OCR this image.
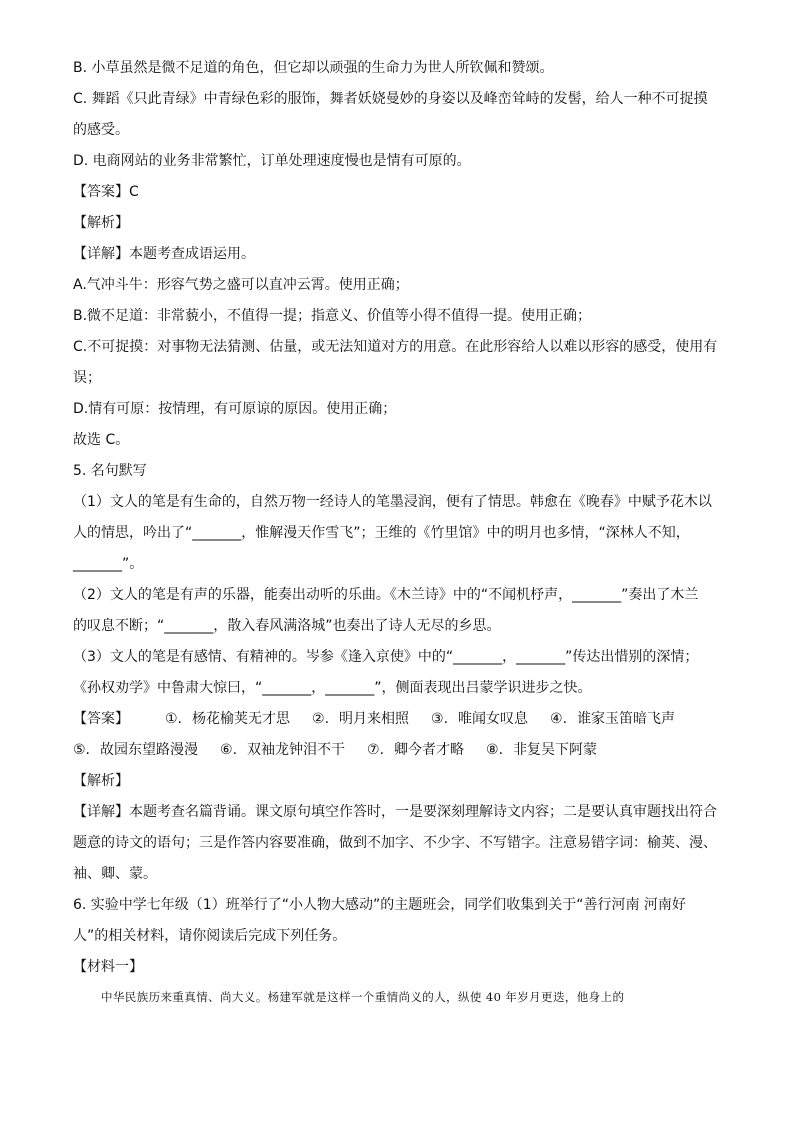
B. 小草虽然是微不足道的角色，但它却以顽强的生命力为世人所钦佩和赞颂。

C. 舞蹈《只此青绿》中青绿色彩的服饰，舞者妖娆曼妙的身姿以及峰峦耸峙的发髻，给人一种不可捉摸
的感受。

D. 电商网站的业务非常繁忙，订单处理速度慢也是情有可原的。

【答案】C

【解析】

【详解】本题考查成语运用。

A.气冲斗牛：形容气势之盛可以直冲云霄。使用正确；

B.微不足道：非常藐小，不值得一提；指意义、价值等小得不值得一提。使用正确；

C.不可捉摸：对事物无法猜测、估量，或无法知道对方的用意。在此形容给人以难以形容的感受，使用有
误；

D.情有可原：按情理，有可原谅的原因。使用正确；

故选 C。

5. 名句默写

（1）文人的笔是有生命的，自然万物一经诗人的笔墨浸润，便有了情思。韩愈在《晚春》中赋予花木以
人的情思，吟出了“_______，惟解漫天作雪飞”；王维的《竹里馆》中的明月也多情，“深林人不知，
_______”。

（2）文人的笔是有声的乐器，能奏出动听的乐曲。《木兰诗》中的“不闻机杼声，_______”奏出了木兰
的叹息不断；“_______，散入春风满洛城”也奏出了诗人无尽的乡思。

（3）文人的笔是有感情、有精神的。岑参《逢入京使》中的“_______，_______”传达出惜别的深情；
《孙权劝学》中鲁肃大惊曰，“_______，_______”，侧面表现出吕蒙学识进步之快。

【答案】	①. 杨花榆荚无才思 ②. 明月来相照 ③. 唯闻女叹息 ④. 谁家玉笛暗飞声
⑤. 故园东望路漫漫 ⑥. 双袖龙钟泪不干 ⑦. 卿今者才略 ⑧. 非复吴下阿蒙

【解析】

【详解】本题考查名篇背诵。课文原句填空作答时，一是要深刻理解诗文内容；二是要认真审题找出符合
题意的诗文的语句；三是作答内容要准确，做到不加字、不少字、不写错字。注意易错字词：榆荚、漫、
袖、卿、蒙。

6. 实验中学七年级（1）班举行了“小人物大感动”的主题班会，同学们收集到关于“善行河南 河南好
人”的相关材料，请你阅读后完成下列任务。

【材料一】

中华民族历来重真情、尚大义。杨建军就是这样一个重情尚义的人，纵使 40 年岁月更迭，他身上的
